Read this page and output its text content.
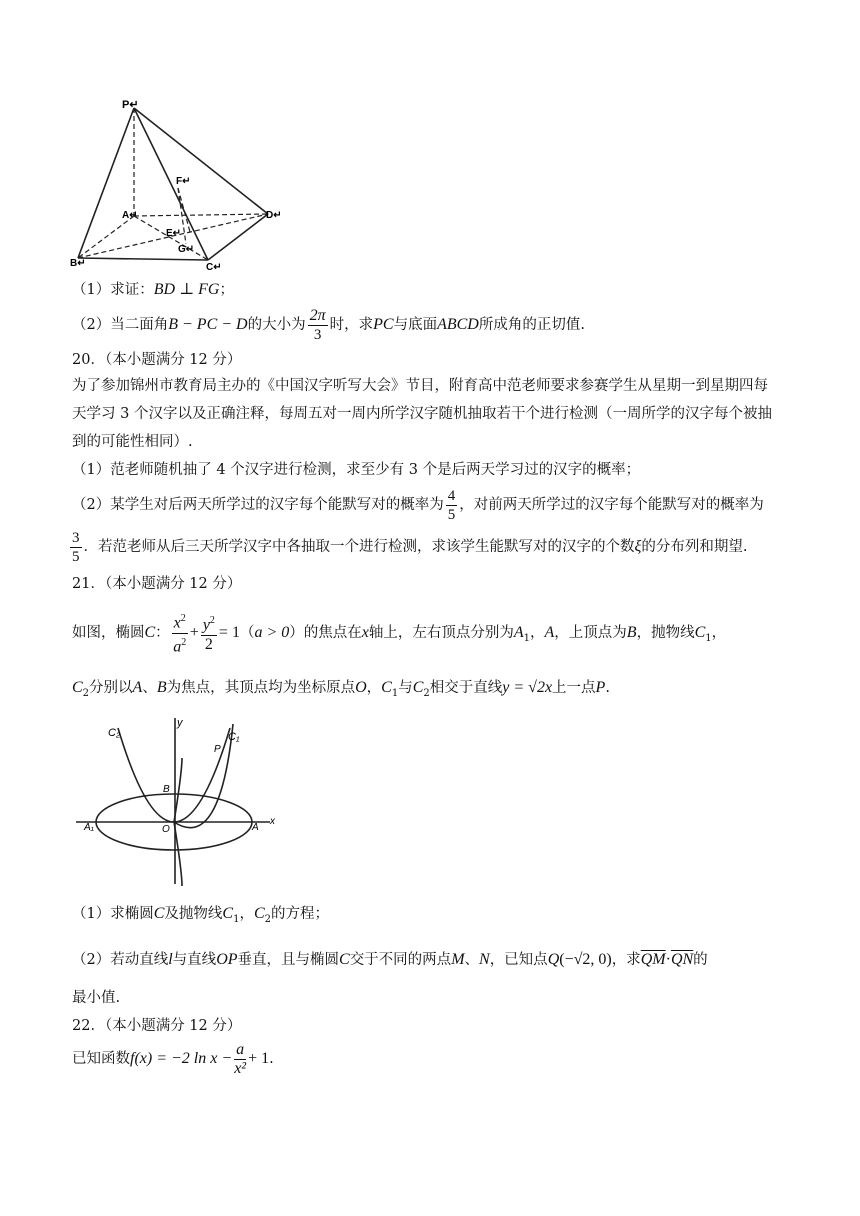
P↵
F↵
A↵	D↵
E↵
G↵
B↵	C↵
（1）求证：BD ⊥ FG；
（2）当二面角B − PC − D的大小为 $\frac{2\pi}{3}$ 时，求PC与底面ABCD所成角的正切值.
20．（本小题满分 12 分）
为了参加锦州市教育局主办的《中国汉字听写大会》节目，附育高中范老师要求参赛学生从星期一到星期四每
天学习 3 个汉字以及正确注释，每周五对一周内所学汉字随机抽取若干个进行检测（一周所学的汉字每个被抽
到的可能性相同）.
（1）范老师随机抽了 4 个汉字进行检测，求至少有 3 个是后两天学习过的汉字的概率；
（2）某学生对后两天所学过的汉字每个能默写对的概率为 $\frac{4}{5}$ ，对前两天所学过的汉字每个能默写对的概率为
$\frac{3}{5}$ ．若范老师从后三天所学汉字中各抽取一个进行检测，求该学生能默写对的汉字的个数ξ的分布列和期望.
21．（本小题满分 12 分）
如图，椭圆C： $\frac{x^2}{a^2} + \frac{y^2}{2} = 1(a > 0)$的焦点在x轴上，左右顶点分别为$A_1$，A，上顶点为B，抛物线$C_1$，
$C_2$分别以A、B为焦点，其顶点均为坐标原点O，$C_1$与$C_2$相交于直线y = √2x上一点P.
C₂
y
C₁
P
B
A₁	O	A
x
（1）求椭圆C及抛物线$C_1$，$C_2$的方程；
（2）若动直线l与直线OP垂直，且与椭圆C交于不同的两点M、N，已知点Q(−√2, 0)，求$\overline{QM}\cdot\overline{QN}$的
最小值.
22．（本小题满分 12 分）
已知函数f(x) = −2 $\ln x - \frac{a}{\text{x²}} + 1$.
